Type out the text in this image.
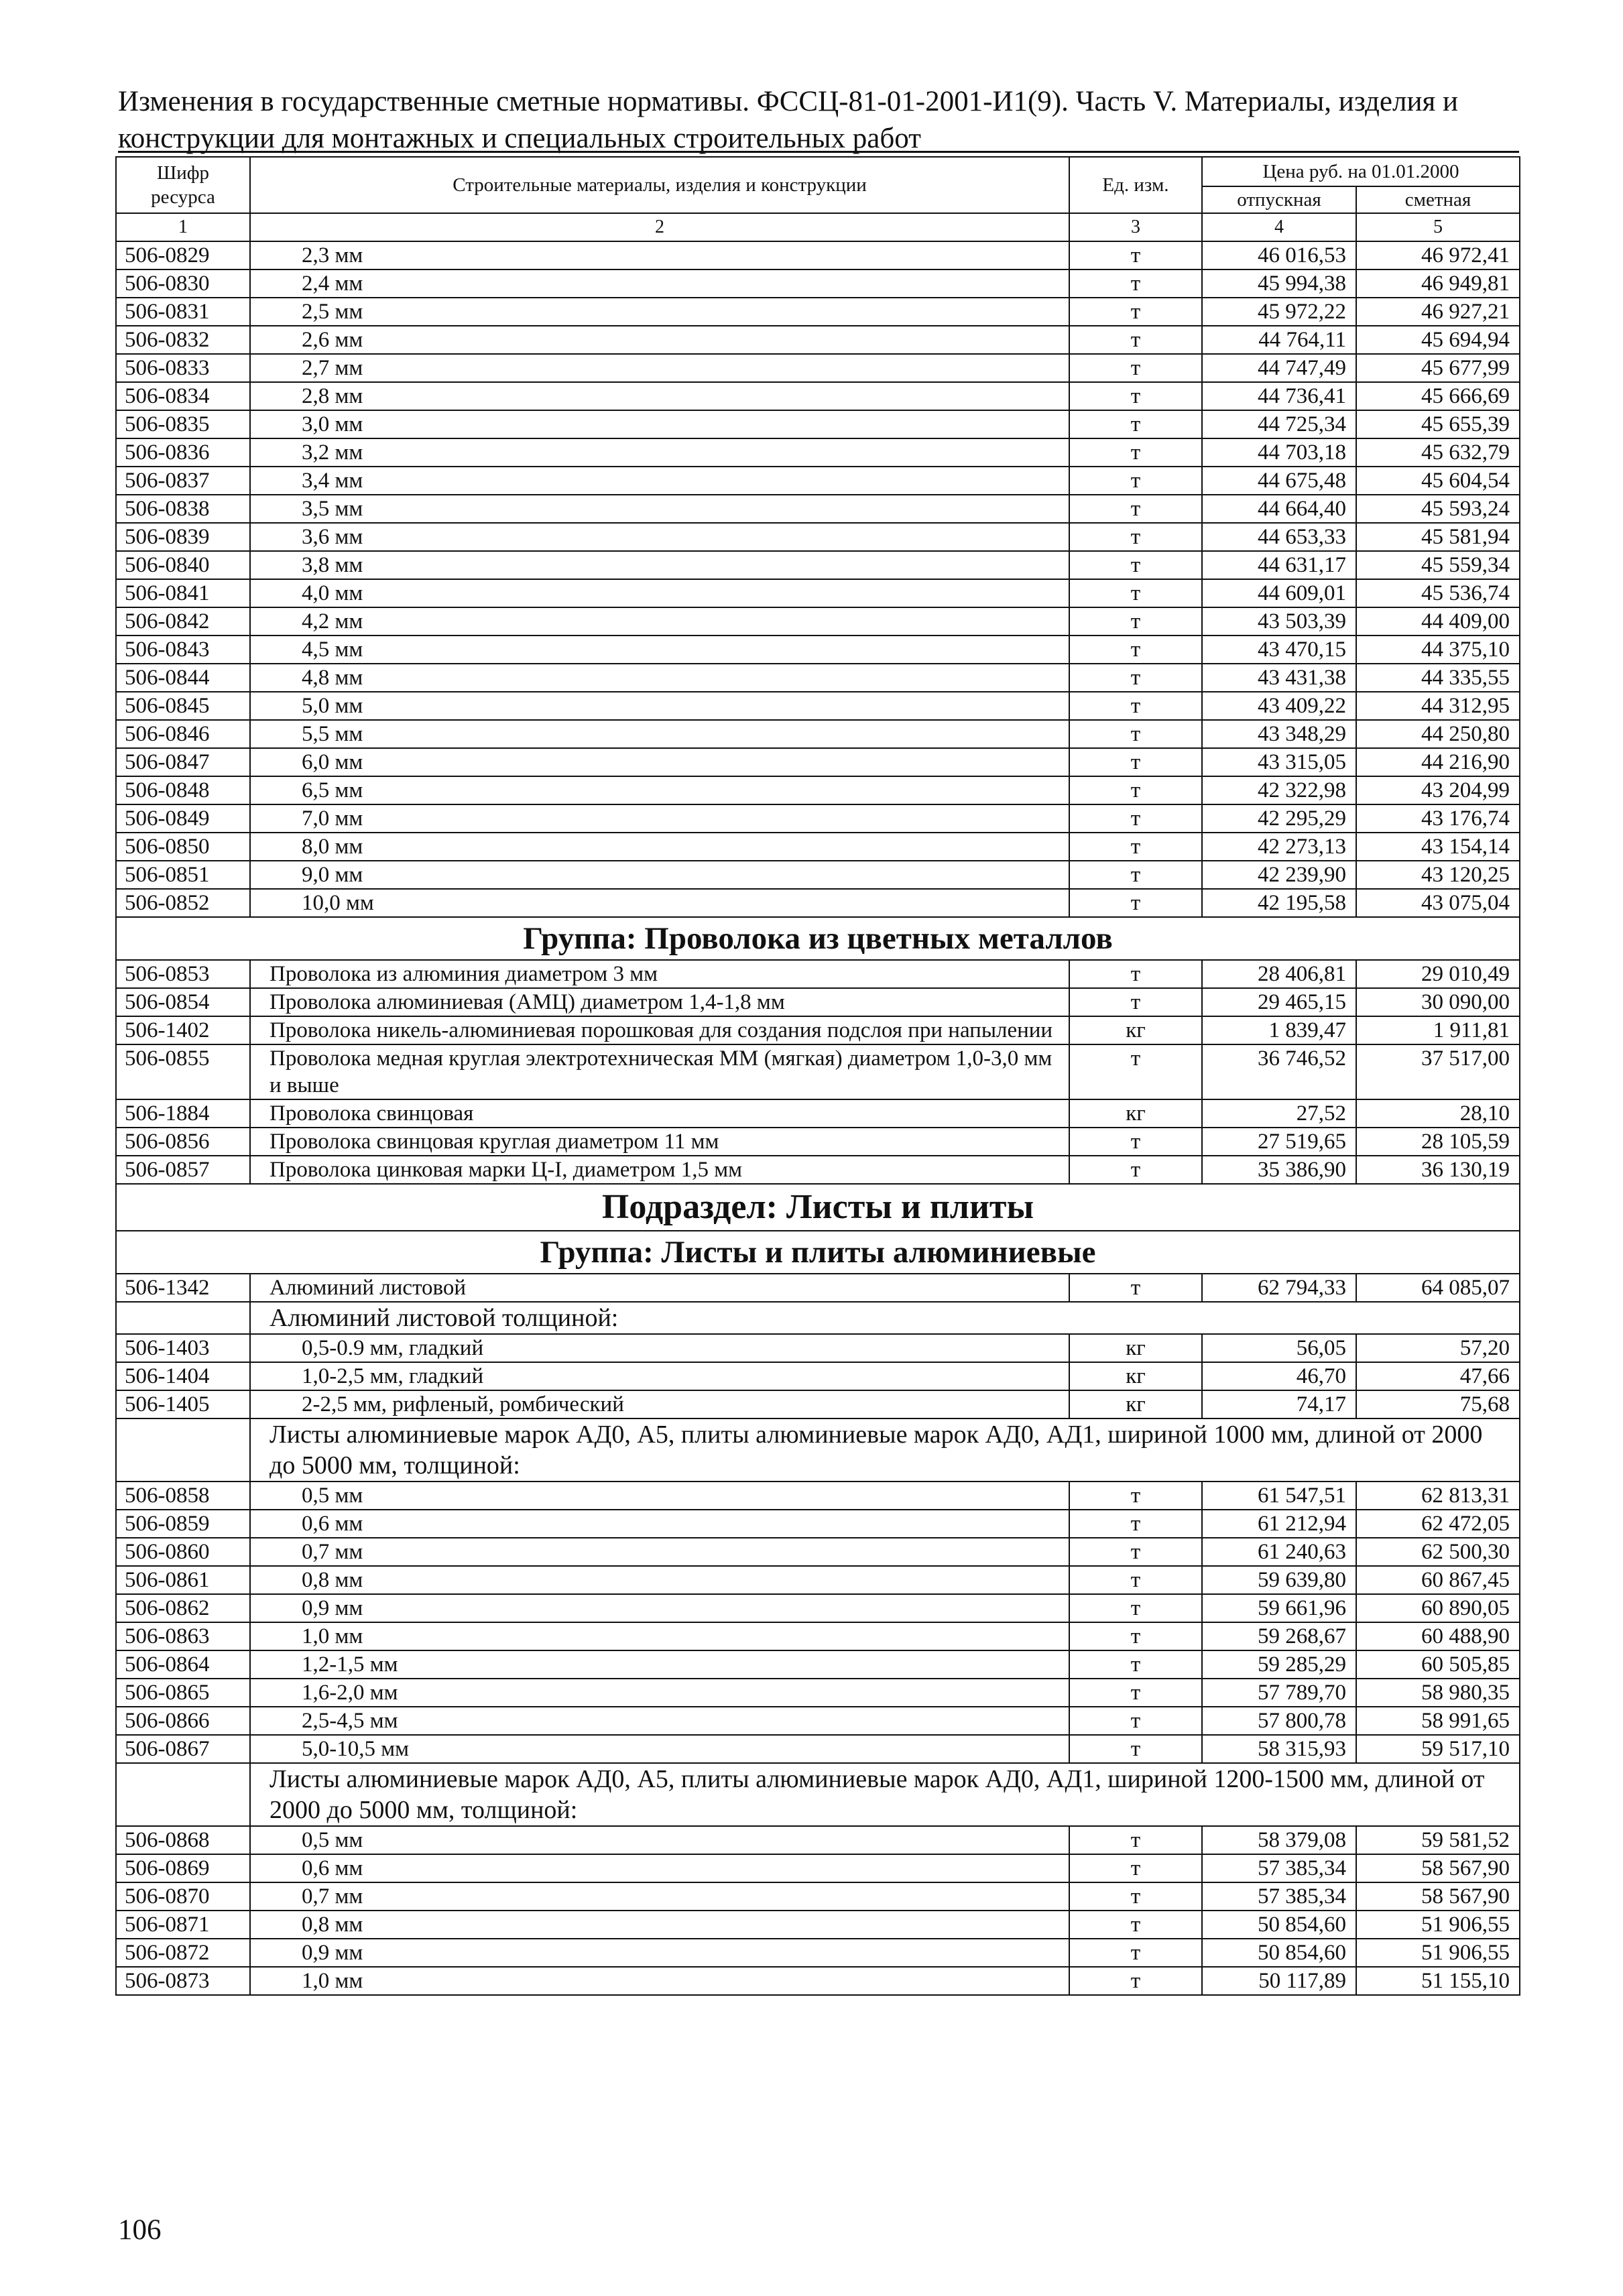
Изменения в государственные сметные нормативы. ФССЦ-81-01-2001-И1(9). Часть V. Материалы, изделия и
конструкции для монтажных и специальных строительных работ
Шифр ресурса	Строительные материалы, изделия и конструкции	Ед. изм.	Цена руб. на 01.01.2000	
			отпускная	сметная
1	2	3	4	5
506-0829	2,3 мм	т	46 016,53	46 972,41
506-0830	2,4 мм	т	45 994,38	46 949,81
506-0831	2,5 мм	т	45 972,22	46 927,21
506-0832	2,6 мм	т	44 764,11	45 694,94
506-0833	2,7 мм	т	44 747,49	45 677,99
506-0834	2,8 мм	т	44 736,41	45 666,69
506-0835	3,0 мм	т	44 725,34	45 655,39
506-0836	3,2 мм	т	44 703,18	45 632,79
506-0837	3,4 мм	т	44 675,48	45 604,54
506-0838	3,5 мм	т	44 664,40	45 593,24
506-0839	3,6 мм	т	44 653,33	45 581,94
506-0840	3,8 мм	т	44 631,17	45 559,34
506-0841	4,0 мм	т	44 609,01	45 536,74
506-0842	4,2 мм	т	43 503,39	44 409,00
506-0843	4,5 мм	т	43 470,15	44 375,10
506-0844	4,8 мм	т	43 431,38	44 335,55
506-0845	5,0 мм	т	43 409,22	44 312,95
506-0846	5,5 мм	т	43 348,29	44 250,80
506-0847	6,0 мм	т	43 315,05	44 216,90
506-0848	6,5 мм	т	42 322,98	43 204,99
506-0849	7,0 мм	т	42 295,29	43 176,74
506-0850	8,0 мм	т	42 273,13	43 154,14
506-0851	9,0 мм	т	42 239,90	43 120,25
506-0852	10,0 мм	т	42 195,58	43 075,04
Группа: Проволока из цветных металлов				
506-0853	Проволока из алюминия диаметром 3 мм	т	28 406,81	29 010,49
506-0854	Проволока алюминиевая (АМЦ) диаметром 1,4-1,8 мм	т	29 465,15	30 090,00
506-1402	Проволока никель-алюминиевая порошковая для создания подслоя при напылении	кг	1 839,47	1 911,81
506-0855	Проволока медная круглая электротехническая ММ (мягкая) диаметром 1,0-3,0 мм и выше	т	36 746,52	37 517,00
506-1884	Проволока свинцовая	кг	27,52	28,10
506-0856	Проволока свинцовая круглая диаметром 11 мм	т	27 519,65	28 105,59
506-0857	Проволока цинковая марки Ц-I, диаметром 1,5 мм	т	35 386,90	36 130,19
Подраздел: Листы и плиты				
Группа: Листы и плиты алюминиевые				
506-1342	Алюминий листовой	т	62 794,33	64 085,07
	Алюминий листовой толщиной:			
506-1403	0,5-0.9 мм, гладкий	кг	56,05	57,20
506-1404	1,0-2,5 мм, гладкий	кг	46,70	47,66
506-1405	2-2,5 мм, рифленый, ромбический	кг	74,17	75,68
	Листы алюминиевые марок АД0, А5, плиты алюминиевые марок АД0, АД1, шириной 1000 мм, длиной от 2000 до 5000 мм, толщиной:			
506-0858	0,5 мм	т	61 547,51	62 813,31
506-0859	0,6 мм	т	61 212,94	62 472,05
506-0860	0,7 мм	т	61 240,63	62 500,30
506-0861	0,8 мм	т	59 639,80	60 867,45
506-0862	0,9 мм	т	59 661,96	60 890,05
506-0863	1,0 мм	т	59 268,67	60 488,90
506-0864	1,2-1,5 мм	т	59 285,29	60 505,85
506-0865	1,6-2,0 мм	т	57 789,70	58 980,35
506-0866	2,5-4,5 мм	т	57 800,78	58 991,65
506-0867	5,0-10,5 мм	т	58 315,93	59 517,10
	Листы алюминиевые марок АД0, А5, плиты алюминиевые марок АД0, АД1, шириной 1200-1500 мм, длиной от 2000 до 5000 мм, толщиной:			
506-0868	0,5 мм	т	58 379,08	59 581,52
506-0869	0,6 мм	т	57 385,34	58 567,90
506-0870	0,7 мм	т	57 385,34	58 567,90
506-0871	0,8 мм	т	50 854,60	51 906,55
506-0872	0,9 мм	т	50 854,60	51 906,55
506-0873	1,0 мм	т	50 117,89	51 155,10
106
